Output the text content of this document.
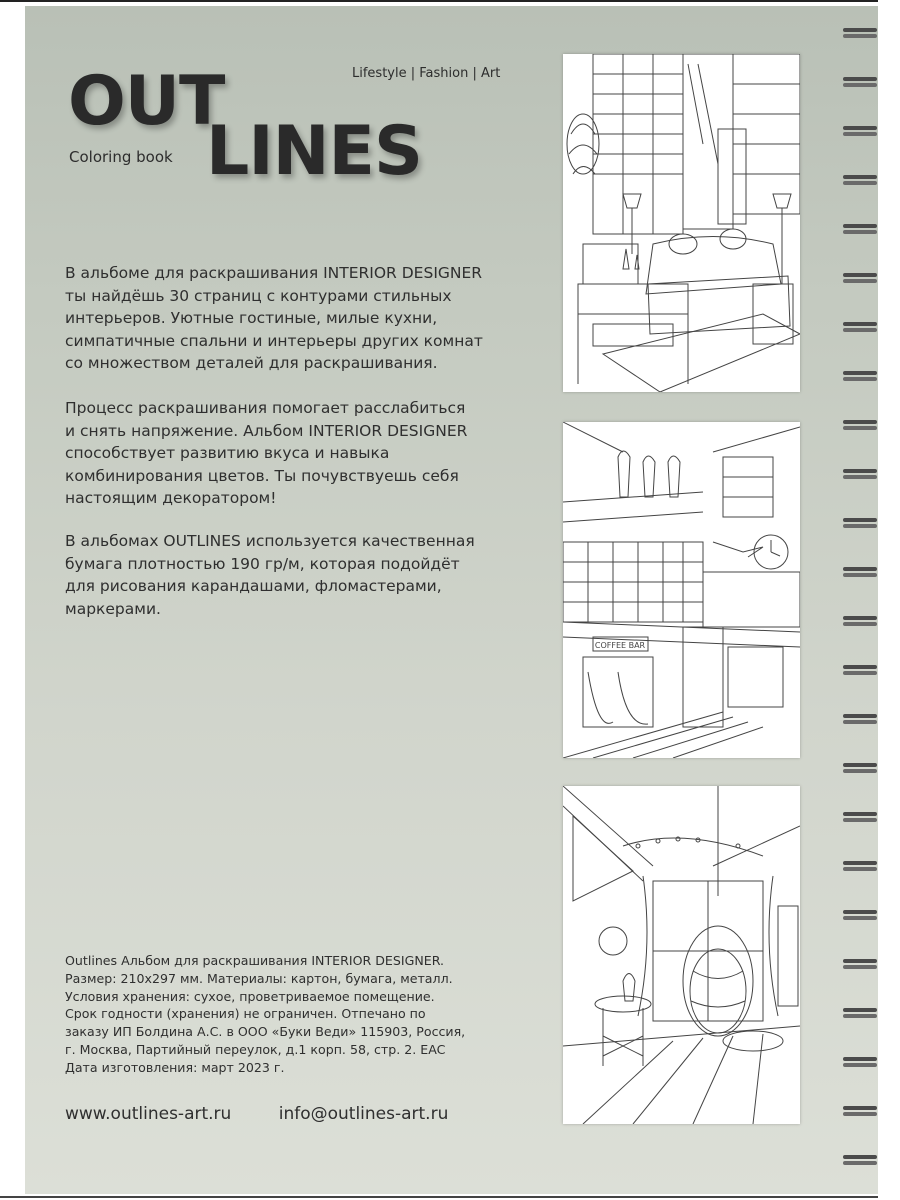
OUT
LINES
Lifestyle | Fashion | Art
Coloring book
В альбоме для раскрашивания INTERIOR DESIGNER
ты найдёшь 30 страниц с контурами стильных
интерьеров. Уютные гостиные, милые кухни,
симпатичные спальни и интерьеры других комнат
со множеством деталей для раскрашивания.
Процесс раскрашивания помогает расслабиться
и снять напряжение. Альбом INTERIOR DESIGNER
способствует развитию вкуса и навыка
комбинирования цветов. Ты почувствуешь себя
настоящим декоратором!
В альбомах OUTLINES используется качественная
бумага плотностью 190 гр/м, которая подойдёт
для рисования карандашами, фломастерами,
маркерами.
Outlines Альбом для раскрашивания INTERIOR DESIGNER.
Размер: 210х297 мм. Материалы: картон, бумага, металл.
Условия хранения: сухое, проветриваемое помещение.
Срок годности (хранения) не ограничен. Отпечано по
заказу ИП Болдина А.С. в ООО «Буки Веди» 115903, Россия,
г. Москва, Партийный переулок, д.1 корп. 58, стр. 2. EAC
Дата изготовления: март 2023 г.
www.outlines-art.ru	info@outlines-art.ru
COFFEE BAR
